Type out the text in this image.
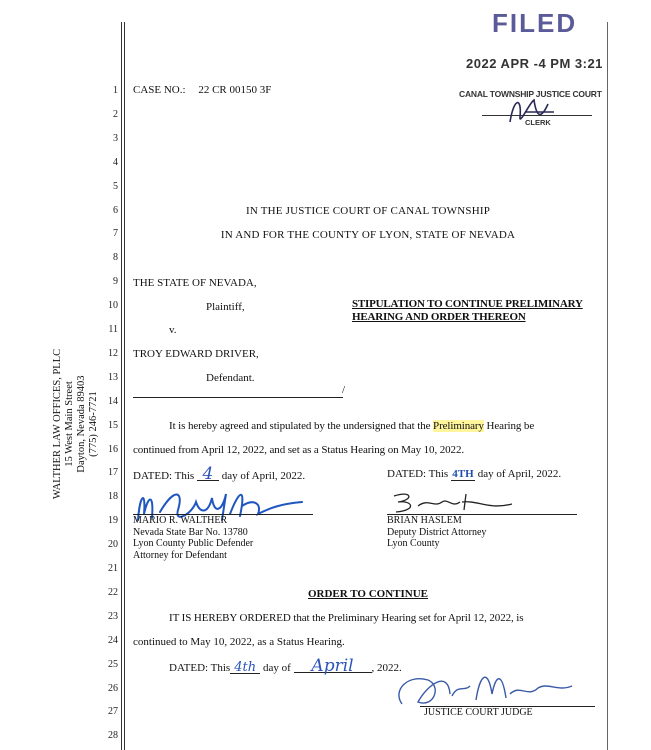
WALTHER LAW OFFICES, PLLC 15 West Main Street Dayton, Nevada 89403 (775) 246-7721
FILED
2022 APR -4 PM 3:21
CANAL TOWNSHIP JUSTICE COURT
CLERK
1
2
3
4
5
6
7
8
9
10
11
12
13
14
15
16
17
18
19
20
21
22
23
24
25
26
27
28
CASE NO.: 22 CR 00150 3F
IN THE JUSTICE COURT OF CANAL TOWNSHIP
IN AND FOR THE COUNTY OF LYON, STATE OF NEVADA
THE STATE OF NEVADA,
Plaintiff,
v.
TROY EDWARD DRIVER,
Defendant.
/
STIPULATION TO CONTINUE PRELIMINARY
HEARING AND ORDER THEREON
It is hereby agreed and stipulated by the undersigned that the Preliminary Hearing be
continued from April 12, 2022, and set as a Status Hearing on May 10, 2022.
DATED: This 4 day of April, 2022.	DATED: This 4TH day of April, 2022.
MARIO R. WALTHER
Nevada State Bar No. 13780
Lyon County Public Defender
Attorney for Defendant
BRIAN HASLEM
Deputy District Attorney
Lyon County
ORDER TO CONTINUE
IT IS HEREBY ORDERED that the Preliminary Hearing set for April 12, 2022, is
continued to May 10, 2022, as a Status Hearing.
DATED: This 4th day of April , 2022.
JUSTICE COURT JUDGE
